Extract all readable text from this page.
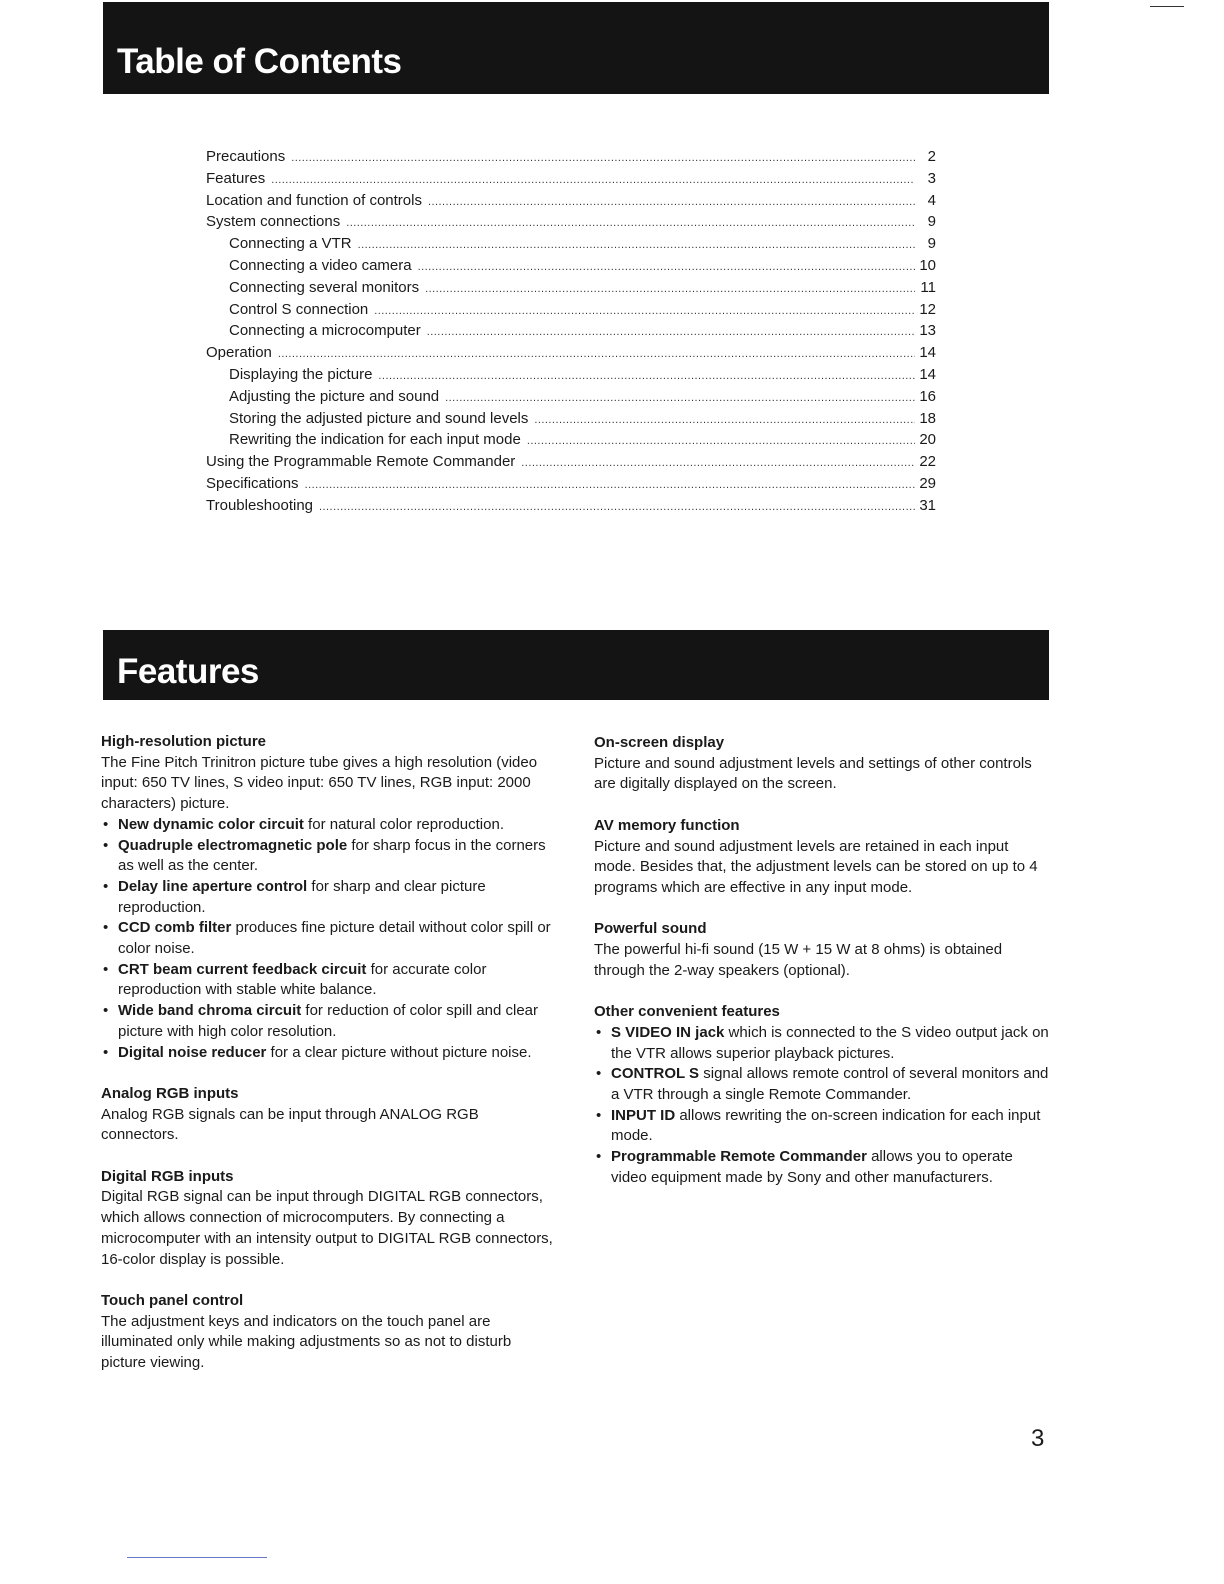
Table of Contents
Precautions . . .	2
Features . . .	3
Location and function of controls . . .	4
System connections . . .	9
Connecting a VTR . . .	9
Connecting a video camera . . .	10
Connecting several monitors . . .	11
Control S connection . . .	12
Connecting a microcomputer . . .	13
Operation . . .	14
Displaying the picture . . .	14
Adjusting the picture and sound . . .	16
Storing the adjusted picture and sound levels . . .	18
Rewriting the indication for each input mode . . .	20
Using the Programmable Remote Commander . . .	22
Specifications . . .	29
Troubleshooting . . .	31
Features
High-resolution picture

The Fine Pitch Trinitron picture tube gives a high resolution (video input: 650 TV lines, S video input: 650 TV lines, RGB input: 2000 characters) picture.

• New dynamic color circuit for natural color reproduction.
• Quadruple electromagnetic pole for sharp focus in the corners as well as the center.
• Delay line aperture control for sharp and clear picture reproduction.
• CCD comb filter produces fine picture detail without color spill or color noise.
• CRT beam current feedback circuit for accurate color reproduction with stable white balance.
• Wide band chroma circuit for reduction of color spill and clear picture with high color resolution.
• Digital noise reducer for a clear picture without picture noise.
Analog RGB inputs

Analog RGB signals can be input through ANALOG RGB connectors.

Digital RGB inputs

Digital RGB signal can be input through DIGITAL RGB connectors, which allows connection of microcomputers. By connecting a microcomputer with an intensity output to DIGITAL RGB connectors, 16-color display is possible.

Touch panel control

The adjustment keys and indicators on the touch panel are illuminated only while making adjustments so as not to disturb picture viewing.

On-screen display

Picture and sound adjustment levels and settings of other controls are digitally displayed on the screen.

AV memory function

Picture and sound adjustment levels are retained in each input mode. Besides that, the adjustment levels can be stored on up to 4 programs which are effective in any input mode.

Powerful sound

The powerful hi-fi sound (15 W + 15 W at 8 ohms) is obtained through the 2-way speakers (optional).

Other convenient features
• S VIDEO IN jack which is connected to the S video output jack on the VTR allows superior playback pictures.
• CONTROL S signal allows remote control of several monitors and a VTR through a single Remote Commander.
• INPUT ID allows rewriting the on-screen indication for each input mode.
• Programmable Remote Commander allows you to operate video equipment made by Sony and other manufacturers.
3
